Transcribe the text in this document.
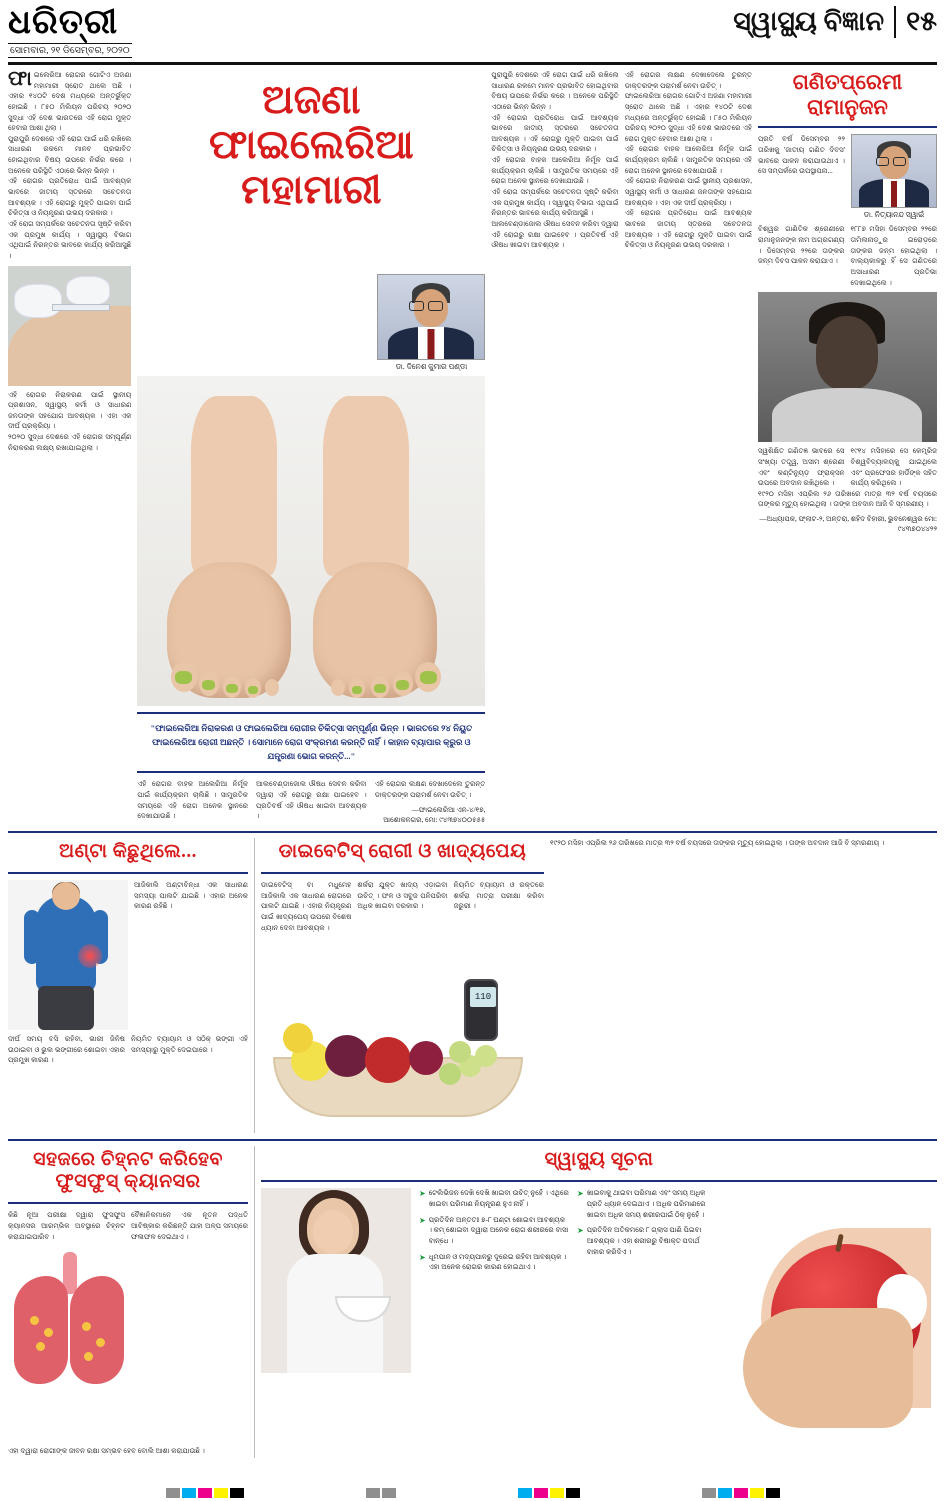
ଧରିତ୍ରୀ
ସୋମବାର, ୨୧ ଡିସେମ୍ବର, ୨୦୨୦
ସ୍ୱାସ୍ଥ୍ୟ ବିଜ୍ଞାନ ୧୫
ଫାଇଲେରିଆ ରୋଗର ଗୋଟିଏ ଅଜଣା ମହାମାରୀ ସ୍ରୋତ ଥାଲେ ଅଛି । ଏହାର ୧୪୦ଟି ଦେଶ ମଧ୍ୟରେ ଅନ୍ତର୍ଭୁକ୍ତ ହୋଇଛି । ୮୫୦ ମିଲିୟନ ପରିଚୟ ୨୦୨୦ ସୁଦ୍ଧା ଏହି ଦେଶ ଭାରତରେ ଏହି ରୋଗ ମୁକ୍ତ ହେବାର ଆଶା ଥିଲା ।
ପୁରାପୁରି ଦେଶରେ ଏହି ରୋଗ ପାଇଁ ଧରି ରଖିଲେ ସାଧାରଣ ରକମେ ମାନବ ପ୍ରଭାବିତ ହୋଇଥିବାର ବିଷୟ ଉପରେ ନିର୍ଭର କରେ । ଅନେକେ ପରିସ୍ଥିତି ଏଠାରେ ଭିନ୍ନ ଭିନ୍ନ ।
ଏହି ରୋଗର ପ୍ରତିରୋଧ ପାଇଁ ଆବଶ୍ୟକ ଭାବରେ ଜାତୀୟ ସ୍ତରରେ ସଚେତନତା ଆବଶ୍ୟକ । ଏହି ରୋଗରୁ ମୁକ୍ତି ପାଇବା ପାଇଁ ଚିକିତ୍ସା ଓ ନିୟନ୍ତ୍ରଣ ଉଭୟ ଦରକାର ।
ଏହି ରୋଗ ସମ୍ପର୍କରେ ସଚେତନତା ସୃଷ୍ଟି କରିବା ଏକ ପ୍ରମୁଖ କାର୍ଯ୍ୟ । ସ୍ୱାସ୍ଥ୍ୟ ବିଭାଗ ଏଥିପାଇଁ ନିରନ୍ତର ଭାବରେ କାର୍ଯ୍ୟ କରିଆସୁଛି ।
ଏହି ରୋଗର ନିରାକରଣ ପାଇଁ ସ୍ଥାନୀୟ ପ୍ରଶାସନ, ସ୍ୱାସ୍ଥ୍ୟ କର୍ମୀ ଓ ସାଧାରଣ ଜନତାଙ୍କ ସହଯୋଗ ଆବଶ୍ୟକ । ଏହା ଏକ ଦୀର୍ଘ ପ୍ରକ୍ରିୟା ।
୨୦୨୦ ସୁଦ୍ଧା ଦେଶରେ ଏହି ରୋଗର ସମ୍ପୂର୍ଣ୍ଣ ନିରାକରଣ ଲକ୍ଷ୍ୟ ରଖାଯାଇଥିଲା ।
ଅଜଣା
ଫାଇଲେରିଆ
ମହାମାରୀ
ଡା. ଦିନେଶ କୁମାର ପଣ୍ଡା
"ଫାଇଲେରିଆ ନିରାକରଣ ଓ ଫାଇଲେରିଆ ରୋଗୀର ଚିକିତ୍ସା ସମ୍ପୂର୍ଣ୍ଣ ଭିନ୍ନ । ଭାରତରେ ୨୪ ନିୟୁତ ଫାଇଲେରିଆ ରୋଗୀ ଅଛନ୍ତି । ସୋମାନେ ରୋଗ ସଂକ୍ରମଣ କରନ୍ତି ନାହିଁ । କାହାନ ବ୍ୟାପାର କ୍ରୁର ଓ ଯନ୍ତ୍ରଣା ଭୋଗ କରନ୍ତି..."
ଏହି ରୋଗର ବାହକ ଆଲେରିଆ ନିର୍ମୂଳ ପାଇଁ କାର୍ଯ୍ୟକ୍ରମ ଚାଲିଛି । ସାମ୍ପ୍ରତିକ ସମୟରେ ଏହି ରୋଗ ଅନେକ ସ୍ଥାନରେ ଦେଖାଯାଉଛି ।
ଆଲବେଣ୍ଡାଜୋଲ ଔଷଧ ସେବନ କରିବା ଦ୍ୱାରା ଏହି ରୋଗରୁ ରକ୍ଷା ପାଇହେବ । ପ୍ରତିବର୍ଷ ଏହି ଔଷଧ ଖାଇବା ଆବଶ୍ୟକ ।
ଏହି ରୋଗର ଲକ୍ଷଣ ଦେଖାଦେଲେ ତୁରନ୍ତ ଡାକ୍ତରଙ୍କ ପରାମର୍ଶ ନେବା ଉଚିତ୍ ।
—ଫାଇଲେରିଆ ଏନ-୪/୧୭, ଆଶୋକନଗର, ମୋ: ୯୪୩୭୪୦୦୫୫୫
ପୁରାପୁରି ଦେଶରେ ଏହି ରୋଗ ପାଇଁ ଧରି ରଖିଲେ ସାଧାରଣ ରକମେ ମାନବ ପ୍ରଭାବିତ ହୋଇଥିବାର ବିଷୟ ଉପରେ ନିର୍ଭର କରେ । ଅନେକେ ପରିସ୍ଥିତି ଏଠାରେ ଭିନ୍ନ ଭିନ୍ନ ।
ଏହି ରୋଗର ପ୍ରତିରୋଧ ପାଇଁ ଆବଶ୍ୟକ ଭାବରେ ଜାତୀୟ ସ୍ତରରେ ସଚେତନତା ଆବଶ୍ୟକ । ଏହି ରୋଗରୁ ମୁକ୍ତି ପାଇବା ପାଇଁ ଚିକିତ୍ସା ଓ ନିୟନ୍ତ୍ରଣ ଉଭୟ ଦରକାର ।
ଏହି ରୋଗର ବାହକ ଆଲେରିଆ ନିର୍ମୂଳ ପାଇଁ କାର୍ଯ୍ୟକ୍ରମ ଚାଲିଛି । ସାମ୍ପ୍ରତିକ ସମୟରେ ଏହି ରୋଗ ଅନେକ ସ୍ଥାନରେ ଦେଖାଯାଉଛି ।
ଏହି ରୋଗ ସମ୍ପର୍କରେ ସଚେତନତା ସୃଷ୍ଟି କରିବା ଏକ ପ୍ରମୁଖ କାର୍ଯ୍ୟ । ସ୍ୱାସ୍ଥ୍ୟ ବିଭାଗ ଏଥିପାଇଁ ନିରନ୍ତର ଭାବରେ କାର୍ଯ୍ୟ କରିଆସୁଛି ।
ଆଲବେଣ୍ଡାଜୋଲ ଔଷଧ ସେବନ କରିବା ଦ୍ୱାରା ଏହି ରୋଗରୁ ରକ୍ଷା ପାଇହେବ । ପ୍ରତିବର୍ଷ ଏହି ଔଷଧ ଖାଇବା ଆବଶ୍ୟକ ।
ଏହି ରୋଗର ଲକ୍ଷଣ ଦେଖାଦେଲେ ତୁରନ୍ତ ଡାକ୍ତରଙ୍କ ପରାମର୍ଶ ନେବା ଉଚିତ୍ ।
ଫାଇଲେରିଆ ରୋଗର ଗୋଟିଏ ଅଜଣା ମହାମାରୀ ସ୍ରୋତ ଥାଲେ ଅଛି । ଏହାର ୧୪୦ଟି ଦେଶ ମଧ୍ୟରେ ଅନ୍ତର୍ଭୁକ୍ତ ହୋଇଛି । ୮୫୦ ମିଲିୟନ ପରିଚୟ ୨୦୨୦ ସୁଦ୍ଧା ଏହି ଦେଶ ଭାରତରେ ଏହି ରୋଗ ମୁକ୍ତ ହେବାର ଆଶା ଥିଲା ।
ଏହି ରୋଗର ବାହକ ଆଲେରିଆ ନିର୍ମୂଳ ପାଇଁ କାର୍ଯ୍ୟକ୍ରମ ଚାଲିଛି । ସାମ୍ପ୍ରତିକ ସମୟରେ ଏହି ରୋଗ ଅନେକ ସ୍ଥାନରେ ଦେଖାଯାଉଛି ।
ଏହି ରୋଗର ନିରାକରଣ ପାଇଁ ସ୍ଥାନୀୟ ପ୍ରଶାସନ, ସ୍ୱାସ୍ଥ୍ୟ କର୍ମୀ ଓ ସାଧାରଣ ଜନତାଙ୍କ ସହଯୋଗ ଆବଶ୍ୟକ । ଏହା ଏକ ଦୀର୍ଘ ପ୍ରକ୍ରିୟା ।
ଏହି ରୋଗର ପ୍ରତିରୋଧ ପାଇଁ ଆବଶ୍ୟକ ଭାବରେ ଜାତୀୟ ସ୍ତରରେ ସଚେତନତା ଆବଶ୍ୟକ । ଏହି ରୋଗରୁ ମୁକ୍ତି ପାଇବା ପାଇଁ ଚିକିତ୍ସା ଓ ନିୟନ୍ତ୍ରଣ ଉଭୟ ଦରକାର ।
ଗଣିତପ୍ରେମୀ
ରାମାନୁଜନ
ପ୍ରତି ବର୍ଷ ଡିସେମ୍ବର ୨୨ ତାରିଖକୁ 'ଜାତୀୟ ଗଣିତ ଦିବସ' ଭାବରେ ପାଳନ କରାଯାଉଥାଏ । ସେ ସମ୍ପର୍କରେ ଉପସ୍ଥାପନା...
ଡା. ନିତ୍ୟାନନ୍ଦ ସ୍ୱାଇଁ
ବିଶ୍ୱର ଗାଣିତିକ ଶ୍ରେଣୀରେ ରାମାନୁଜନଙ୍କ ନାମ ଅଗ୍ରଗଣ୍ୟ । ଡିସେମ୍ବର ୨୨ରେ ତାଙ୍କର ଜନ୍ମ ଦିବସ ପାଳନ କରାଯାଏ ।
୧୮୮୭ ମସିହା ଡିସେମ୍ବର ୨୨ରେ ତାମିଲନାଡ଼ୁର ଇରୋଡ଼ରେ ତାଙ୍କର ଜନ୍ମ ହୋଇଥିଲା । ବାଲ୍ୟକାଳରୁ ହିଁ ସେ ଗଣିତରେ ଅସାଧାରଣ ପ୍ରତିଭା ଦେଖାଇଥିଲେ ।
ସ୍ୱଶିକ୍ଷିତ ଗଣିତଜ୍ଞ ଭାବରେ ସେ ସଂଖ୍ୟା ତତ୍ତ୍ୱ, ଅସୀମ ଶ୍ରେଣୀ ଏବଂ କଣ୍ଟିନ୍ୟୁଡ଼ ଫ୍ରାକ୍ସନ ଉପରେ ଅବଦାନ ରଖିଥିଲେ ।
୧୯୧୪ ମସିହାରେ ସେ କେମ୍ବ୍ରିଜ ବିଶ୍ୱବିଦ୍ୟାଳୟକୁ ଯାଇଥିଲେ ଏବଂ ପ୍ରଫେସର ହାର୍ଡିଙ୍କ ସହିତ କାର୍ଯ୍ୟ କରିଥିଲେ ।
୧୯୨୦ ମସିହା ଏପ୍ରିଲ ୨୬ ତାରିଖରେ ମାତ୍ର ୩୨ ବର୍ଷ ବୟସରେ ତାଙ୍କର ମୃତ୍ୟୁ ହୋଇଥିଲା । ତାଙ୍କ ଅବଦାନ ଆଜି ବି ସ୍ମରଣୀୟ ।
—ଅଧ୍ୟାପକ, ଫ୍ଲାଟ-୨, ଅନ୍ତରା, ଶହିଦ ବିହାରୀ, ଭୁବନେଶ୍ୱର ମୋ: ୯୪୩୭୦୪୪୨୨
ଅଣ୍ଟା କିଛୁଥିଲେ...
ଆଜିକାଲି ଅଣ୍ଟାବିନ୍ଧା ଏକ ସାଧାରଣ ସମସ୍ୟା ପାଲଟି ଯାଇଛି । ଏହାର ଅନେକ କାରଣ ରହିଛି ।
ଦୀର୍ଘ ସମୟ ବସି ରହିବା, ଭାରୀ ଜିନିଷ ଉଠାଇବା ଓ ଭୁଲ ଭଙ୍ଗୀରେ ଶୋଇବା ଏହାର ପ୍ରମୁଖ କାରଣ ।
ନିୟମିତ ବ୍ୟାୟାମ ଓ ସଠିକ୍ ଭଙ୍ଗୀ ଏହି ସମସ୍ୟାରୁ ମୁକ୍ତି ଦେଇପାରେ ।
ଡାଇବେଟିସ୍ ରୋଗୀ ଓ ଖାଦ୍ୟପେୟ
ଡାଇବେଟିସ୍ ବା ମଧୁମେହ ଆଜିକାଲି ଏକ ସାଧାରଣ ରୋଗରେ ପାଲଟି ଯାଇଛି । ଏହାର ନିୟନ୍ତ୍ରଣ ପାଇଁ ଖାଦ୍ୟପେୟ ଉପରେ ବିଶେଷ ଧ୍ୟାନ ଦେବା ଆବଶ୍ୟକ ।
ଶର୍କରା ଯୁକ୍ତ ଖାଦ୍ୟ ଏଡ଼ାଇବା ଉଚିତ୍ । ଫଳ ଓ ସବୁଜ ପନିପରିବା ଅଧିକ ଖାଇବା ଦରକାର ।
ନିୟମିତ ବ୍ୟାୟାମ ଓ ରକ୍ତରେ ଶର୍କରା ମାତ୍ରା ପରୀକ୍ଷା କରିବା ଜରୁରୀ ।
110
୧୯୨୦ ମସିହା ଏପ୍ରିଲ ୨୬ ତାରିଖରେ ମାତ୍ର ୩୨ ବର୍ଷ ବୟସରେ ତାଙ୍କର ମୃତ୍ୟୁ ହୋଇଥିଲା । ତାଙ୍କ ଅବଦାନ ଆଜି ବି ସ୍ମରଣୀୟ ।
ସହଜରେ ଚିହ୍ନଟ କରିହେବ
ଫୁସଫୁସ୍ କ୍ୟାନସର
କିଛି ନୂଆ ପରୀକ୍ଷା ଦ୍ୱାରା ଫୁସଫୁସ କ୍ୟାନସର ଆରମ୍ଭିକ ଅବସ୍ଥାରେ ଚିହ୍ନଟ କରାଯାଇପାରିବ ।
ବୈଜ୍ଞାନିକମାନେ ଏକ ନୂତନ ପଦ୍ଧତି ଆବିଷ୍କାର କରିଛନ୍ତି ଯାହା ଅଳ୍ପ ସମୟରେ ଫଳାଫଳ ଦେଇଥାଏ ।
ଏହା ଦ୍ୱାରା ରୋଗୀଙ୍କ ଜୀବନ ରକ୍ଷା ସମ୍ଭବ ହେବ ବୋଲି ଆଶା କରାଯାଉଛି ।
ସ୍ୱାସ୍ଥ୍ୟ ସୂଚନା
➤ ଟେଲିଭିଜନ ଦେଖି ଦେଖି ଖାଇବା ଉଚିତ୍ ନୁହେଁ । ଏଥିରେ ଖାଇବା ପରିମାଣ ନିୟନ୍ତ୍ରଣ ହୁଏ ନାହିଁ ।
➤ ପ୍ରତିଦିନ ଅନ୍ତତଃ ୭-୮ ଘଣ୍ଟା ଶୋଇବା ଆବଶ୍ୟକ । କମ୍ ଶୋଇବା ଦ୍ୱାରା ଅନେକ ରୋଗ ଶରୀରରେ ବାସା ବାନ୍ଧେ ।
➤ ଧୂମପାନ ଓ ମଦ୍ୟପାନରୁ ଦୂରେଇ ରହିବା ଆବଶ୍ୟକ । ଏହା ଅନେକ ରୋଗର କାରଣ ହୋଇଥାଏ ।
➤ ଖାଇବାକୁ ଥାଇବା ପରିମାଣ ଏବଂ ସମୟ ଅଧିକ ପ୍ରତି ଧ୍ୟାନ ଦେଇଥାଏ । ଅଧିକ ପରିମାଣରେ ଖାଇବା ଅଧିକ ସମୟ ଶରୀରପାଇଁ ଠିକ୍ ନୁହେଁ ।
➤ ପ୍ରତିଦିନ ଅତିକମରେ ୮ ଗ୍ଲାସ ପାଣି ପିଇବା ଆବଶ୍ୟକ । ଏହା ଶରୀରରୁ ବିଷାକ୍ତ ପଦାର୍ଥ ବାହାର କରିଦିଏ ।
